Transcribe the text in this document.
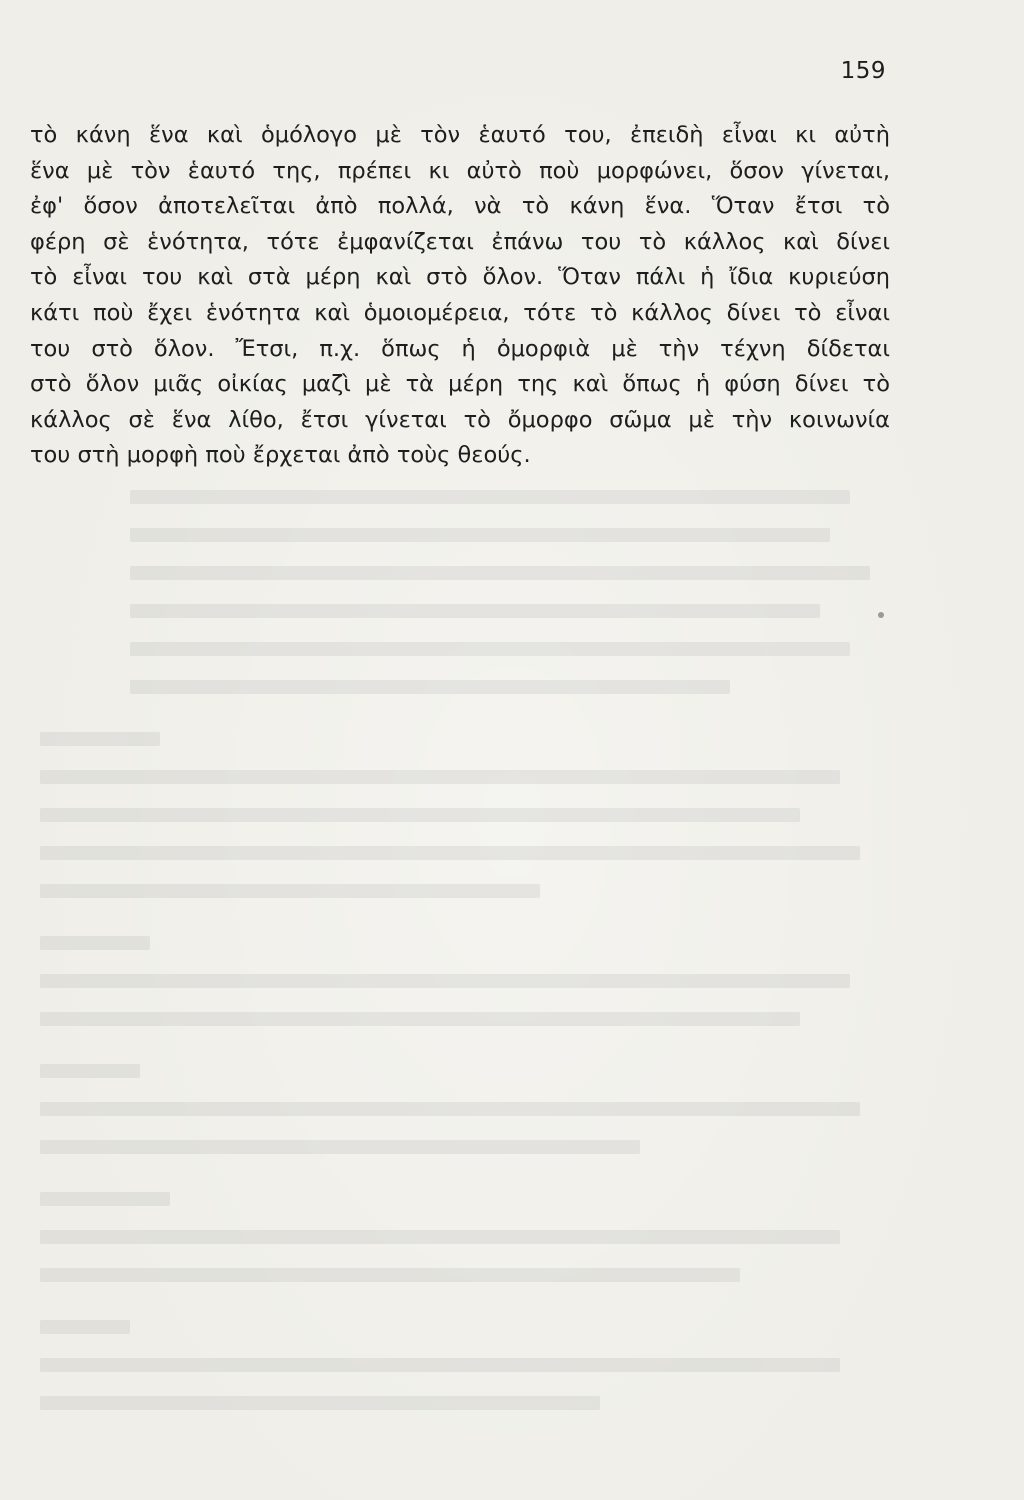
159
τὸ κάνη ἕνα καὶ ὁμόλογο μὲ τὸν ἑαυτό του, ἐπειδὴ εἶναι κι αὐτὴ
ἕνα μὲ τὸν ἑαυτό της, πρέπει κι αὐτὸ ποὺ μορφώνει, ὅσον γίνεται,
ἐφ' ὅσον ἀποτελεῖται ἀπὸ πολλά, νὰ τὸ κάνη ἕνα. Ὅταν ἔτσι τὸ
φέρη σὲ ἑνότητα, τότε ἐμφανίζεται ἐπάνω του τὸ κάλλος καὶ δίνει
τὸ εἶναι του καὶ στὰ μέρη καὶ στὸ ὅλον. Ὅταν πάλι ἡ ἴδια κυριεύση
κάτι ποὺ ἔχει ἑνότητα καὶ ὁμοιομέρεια, τότε τὸ κάλλος δίνει τὸ εἶναι
του στὸ ὅλον. Ἔτσι, π.χ. ὅπως ἡ ὀμορφιὰ μὲ τὴν τέχνη δίδεται
στὸ ὅλον μιᾶς οἰκίας μαζὶ μὲ τὰ μέρη της καὶ ὅπως ἡ φύση δίνει τὸ
κάλλος σὲ ἕνα λίθο, ἔτσι γίνεται τὸ ὄμορφο σῶμα μὲ τὴν κοινωνία
του στὴ μορφὴ ποὺ ἔρχεται ἀπὸ τοὺς θεούς.
